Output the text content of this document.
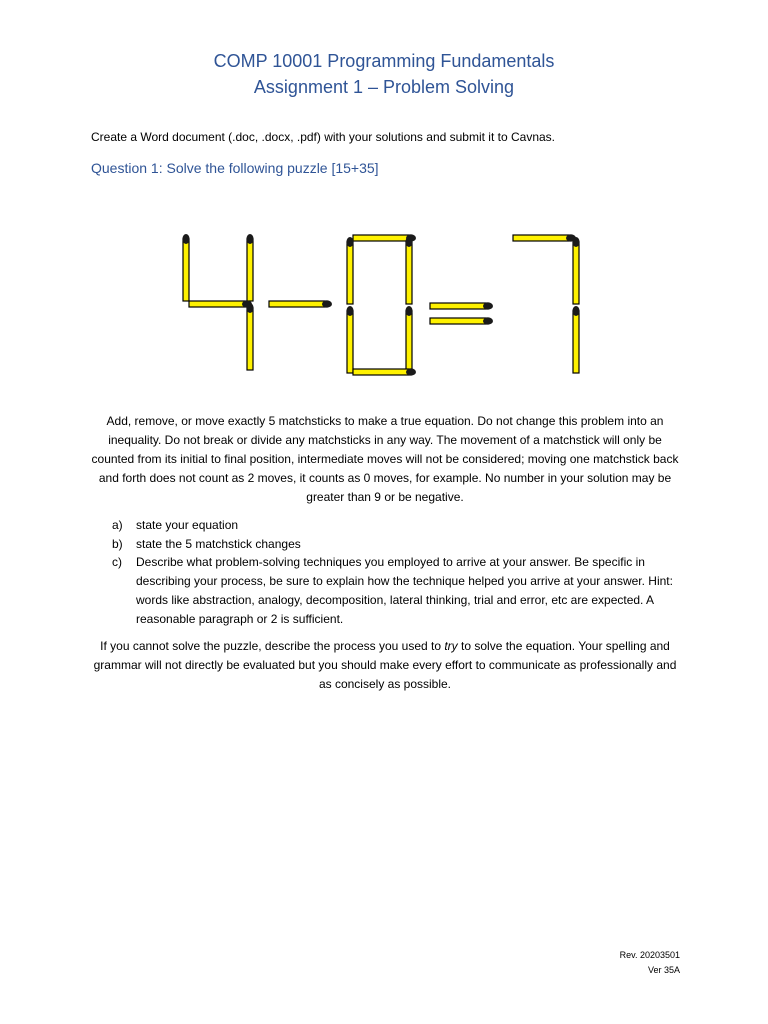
COMP 10001 Programming Fundamentals
Assignment 1 – Problem Solving
Create a Word document (.doc, .docx, .pdf) with your solutions and submit it to Cavnas.
Question 1: Solve the following puzzle [15+35]
Add, remove, or move exactly 5 matchsticks to make a true equation. Do not change this problem into an inequality. Do not break or divide any matchsticks in any way. The movement of a matchstick will only be counted from its initial to final position, intermediate moves will not be considered; moving one matchstick back and forth does not count as 2 moves, it counts as 0 moves, for example. No number in your solution may be greater than 9 or be negative.
a)	state your equation
b)	state the 5 matchstick changes
c)	Describe what problem-solving techniques you employed to arrive at your answer. Be specific in describing your process, be sure to explain how the technique helped you arrive at your answer. Hint: words like abstraction, analogy, decomposition, lateral thinking, trial and error, etc are expected. A reasonable paragraph or 2 is sufficient.
If you cannot solve the puzzle, describe the process you used to try to solve the equation. Your spelling and grammar will not directly be evaluated but you should make every effort to communicate as professionally and as concisely as possible.
Rev. 20203501
Ver 35A
